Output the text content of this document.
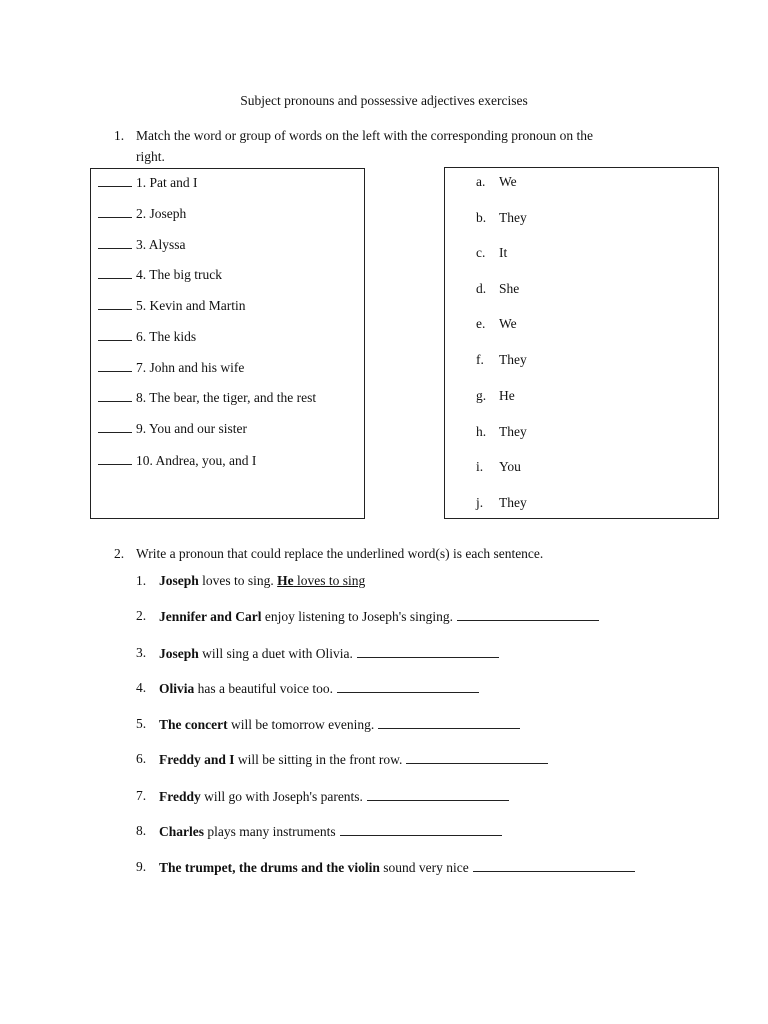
Subject pronouns and possessive adjectives exercises
1. Match the word or group of words on the left with the corresponding pronoun on the
right.
1. Pat and I
2. Joseph
3. Alyssa
4. The big truck
5. Kevin and Martin
6. The kids
7. John and his wife
8. The bear, the tiger, and the rest
9. You and our sister
10. Andrea, you, and I
a. We
b. They
c. It
d. She
e. We
f. They
g. He
h. They
i. You
j. They
2. Write a pronoun that could replace the underlined word(s) is each sentence.
1. Joseph loves to sing. He loves to sing
2. Jennifer and Carl enjoy listening to Joseph's singing.
3. Joseph will sing a duet with Olivia.
4. Olivia has a beautiful voice too.
5. The concert will be tomorrow evening.
6. Freddy and I will be sitting in the front row.
7. Freddy will go with Joseph's parents.
8. Charles plays many instruments
9. The trumpet, the drums and the violin sound very nice
